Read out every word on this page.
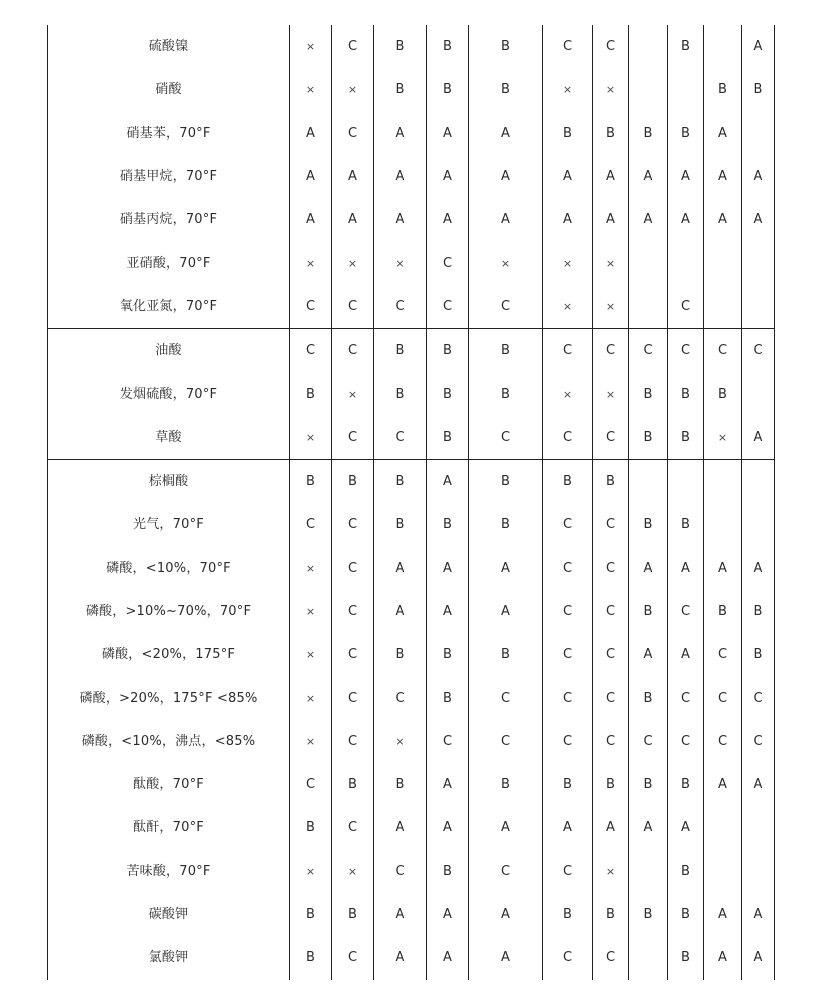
硫酸镍	×	C	B	B	B	C	C		B		A
硝酸	×	×	B	B	B	×	×			B	B
硝基苯，70°F	A	C	A	A	A	B	B	B	B	A	
硝基甲烷，70°F	A	A	A	A	A	A	A	A	A	A	A
硝基丙烷，70°F	A	A	A	A	A	A	A	A	A	A	A
亚硝酸，70°F	×	×	×	C	×	×	×				
氧化亚氮，70°F	C	C	C	C	C	×	×		C		
油酸	C	C	B	B	B	C	C	C	C	C	C
发烟硫酸，70°F	B	×	B	B	B	×	×	B	B	B	
草酸	×	C	C	B	C	C	C	B	B	×	A
棕榈酸	B	B	B	A	B	B	B				
光气，70°F	C	C	B	B	B	C	C	B	B		
磷酸，<10%，70°F	×	C	A	A	A	C	C	A	A	A	A
磷酸，>10%~70%，70°F	×	C	A	A	A	C	C	B	C	B	B
磷酸，<20%，175°F	×	C	B	B	B	C	C	A	A	C	B
磷酸，>20%，175°F <85%	×	C	C	B	C	C	C	B	C	C	C
磷酸，<10%，沸点，<85%	×	C	×	C	C	C	C	C	C	C	C
酞酸，70°F	C	B	B	A	B	B	B	B	B	A	A
酞酐，70°F	B	C	A	A	A	A	A	A	A		
苦味酸，70°F	×	×	C	B	C	C	×		B		
碳酸钾	B	B	A	A	A	B	B	B	B	A	A
氯酸钾	B	C	A	A	A	C	C		B	A	A
